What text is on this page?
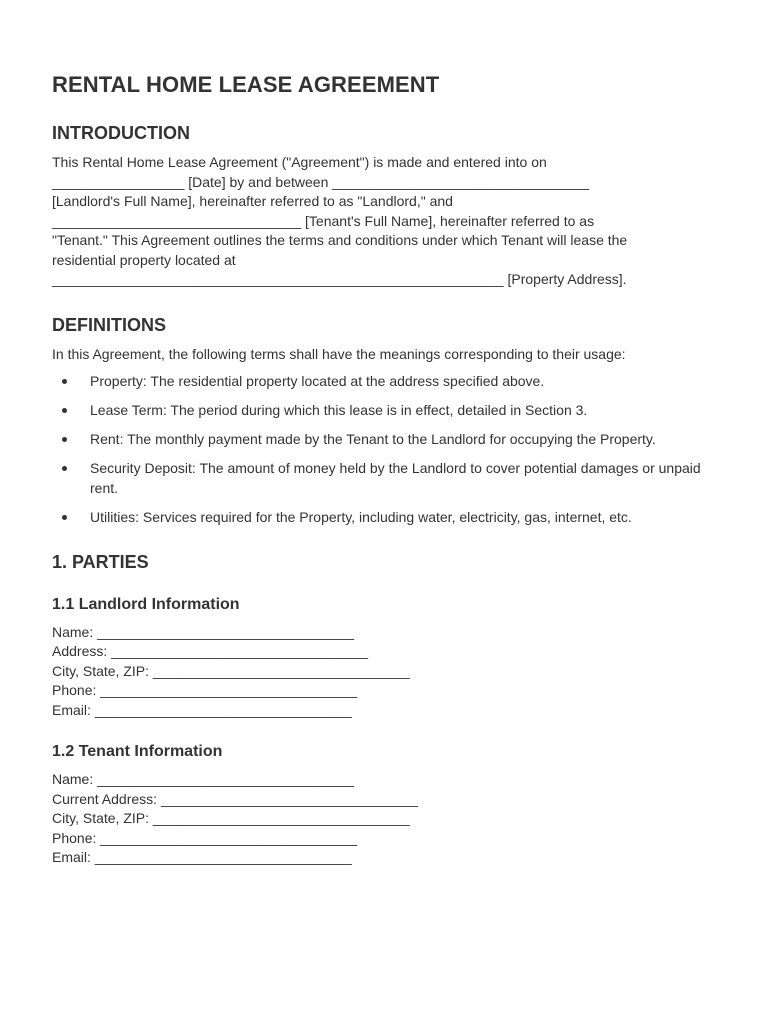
RENTAL HOME LEASE AGREEMENT
INTRODUCTION
This Rental Home Lease Agreement ("Agreement") is made and entered into on
_________________ [Date] by and between _________________________________
[Landlord's Full Name], hereinafter referred to as "Landlord," and
________________________________ [Tenant's Full Name], hereinafter referred to as
"Tenant." This Agreement outlines the terms and conditions under which Tenant will lease the
residential property located at
__________________________________________________________ [Property Address].
DEFINITIONS
In this Agreement, the following terms shall have the meanings corresponding to their usage:
Property: The residential property located at the address specified above.
Lease Term: The period during which this lease is in effect, detailed in Section 3.
Rent: The monthly payment made by the Tenant to the Landlord for occupying the Property.
Security Deposit: The amount of money held by the Landlord to cover potential damages or unpaid rent.
Utilities: Services required for the Property, including water, electricity, gas, internet, etc.
1. PARTIES
1.1 Landlord Information
Name: _________________________________
Address: _________________________________
City, State, ZIP: _________________________________
Phone: _________________________________
Email: _________________________________
1.2 Tenant Information
Name: _________________________________
Current Address: _________________________________
City, State, ZIP: _________________________________
Phone: _________________________________
Email: _________________________________
